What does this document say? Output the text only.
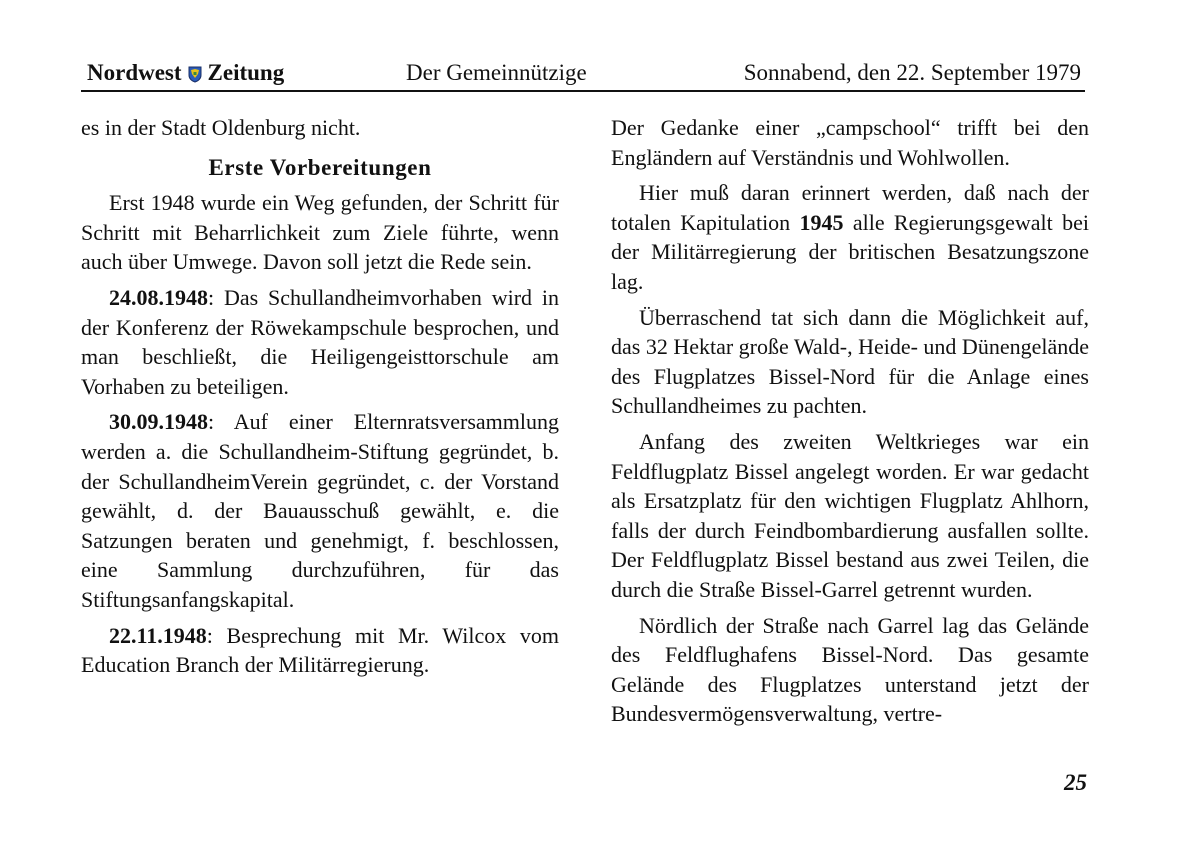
Nordwest Zeitung	Der Gemeinnützige	Sonnabend, den 22. September 1979

es in der Stadt Oldenburg nicht.

Erste Vorbereitungen

Erst 1948 wurde ein Weg gefunden, der Schritt für Schritt mit Beharrlichkeit zum Ziele führte, wenn auch über Umwege. Davon soll jetzt die Rede sein.

24.08.1948: Das Schullandheimvorhaben wird in der Konferenz der Röwekampschule besprochen, und man beschließt, die Heiligengeisttorschule am Vorhaben zu beteiligen.

30.09.1948: Auf einer Elternratsversammlung werden a. die Schullandheim-Stiftung gegründet, b. der SchullandheimVerein gegründet, c. der Vorstand gewählt, d. der Bauausschuß gewählt, e. die Satzungen beraten und genehmigt, f. beschlossen, eine Sammlung durchzuführen, für das Stiftungsanfangskapital.

22.11.1948: Besprechung mit Mr. Wilcox vom Education Branch der Militärregierung.

Der Gedanke einer „campschool“ trifft bei den Engländern auf Verständnis und Wohlwollen.

Hier muß daran erinnert werden, daß nach der totalen Kapitulation 1945 alle Regierungsgewalt bei der Militärregierung der britischen Besatzungszone lag.

Überraschend tat sich dann die Möglichkeit auf, das 32 Hektar große Wald-, Heide- und Dünengelände des Flugplatzes Bissel-Nord für die Anlage eines Schullandheimes zu pachten.

Anfang des zweiten Weltkrieges war ein Feldflugplatz Bissel angelegt worden. Er war gedacht als Ersatzplatz für den wichtigen Flugplatz Ahlhorn, falls der durch Feindbombardierung ausfallen sollte. Der Feldflugplatz Bissel bestand aus zwei Teilen, die durch die Straße Bissel-Garrel getrennt wurden.

Nördlich der Straße nach Garrel lag das Gelände des Feldflughafens Bissel-Nord. Das gesamte Gelände des Flugplatzes unterstand jetzt der Bundesvermögensverwaltung, vertre-

25
